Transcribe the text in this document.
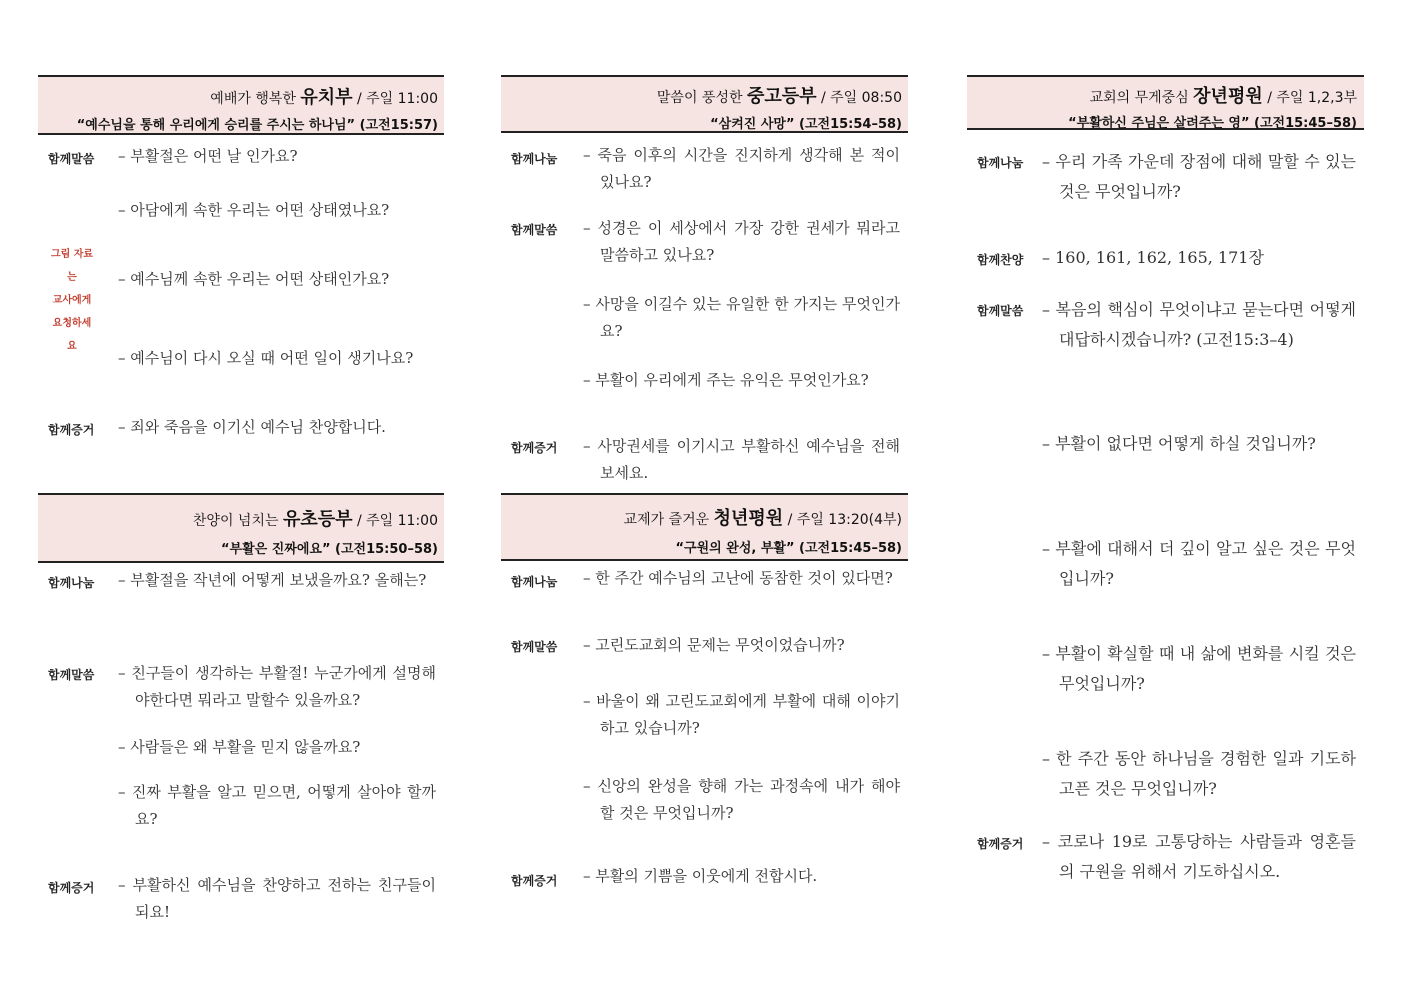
예배가 행복한 유치부 / 주일 11:00
“예수님을 통해 우리에게 승리를 주시는 하나님” (고전15:57)
함께말씀
그림 자료는
교사에게
요청하세요
– 부활절은 어떤 날 인가요?
– 아담에게 속한 우리는 어떤 상태였나요?
– 예수님께 속한 우리는 어떤 상태인가요?
– 예수님이 다시 오실 때 어떤 일이 생기나요?
함께증거 – 죄와 죽음을 이기신 예수님 찬양합니다.
찬양이 넘치는 유초등부 / 주일 11:00
“부활은 진짜에요” (고전15:50–58)
함께나눔 – 부활절을 작년에 어떻게 보냈을까요? 올해는?
함께말씀 – 친구들이 생각하는 부활절! 누군가에게 설명해야한다면 뭐라고 말할수 있을까요?
– 사람들은 왜 부활을 믿지 않을까요?
– 진짜 부활을 알고 믿으면, 어떻게 살아야 할까요?
함께증거 – 부활하신 예수님을 찬양하고 전하는 친구들이 되요!
말씀이 풍성한 중고등부 / 주일 08:50
“삼켜진 사망” (고전15:54–58)
함께나눔 – 죽음 이후의 시간을 진지하게 생각해 본 적이 있나요?
함께말씀 – 성경은 이 세상에서 가장 강한 권세가 뭐라고 말씀하고 있나요?
– 사망을 이길수 있는 유일한 한 가지는 무엇인가요?
– 부활이 우리에게 주는 유익은 무엇인가요?
함께증거 – 사망권세를 이기시고 부활하신 예수님을 전해보세요.
교제가 즐거운 청년평원 / 주일 13:20(4부)
“구원의 완성, 부활” (고전15:45–58)
함께나눔 – 한 주간 예수님의 고난에 동참한 것이 있다면?
함께말씀 – 고린도교회의 문제는 무엇이었습니까?
– 바울이 왜 고린도교회에게 부활에 대해 이야기하고 있습니까?
– 신앙의 완성을 향해 가는 과정속에 내가 해야 할 것은 무엇입니까?
함께증거 – 부활의 기쁨을 이웃에게 전합시다.
교회의 무게중심 장년평원 / 주일 1,2,3부
“부활하신 주님은 살려주는 영” (고전15:45–58)
함께나눔 – 우리 가족 가운데 장점에 대해 말할 수 있는 것은 무엇입니까?
함께찬양 – 160, 161, 162, 165, 171장
함께말씀 – 복음의 핵심이 무엇이냐고 묻는다면 어떻게 대답하시겠습니까? (고전15:3–4)
– 부활이 없다면 어떻게 하실 것입니까?
– 부활에 대해서 더 깊이 알고 싶은 것은 무엇입니까?
– 부활이 확실할 때 내 삶에 변화를 시킬 것은 무엇입니까?
– 한 주간 동안 하나님을 경험한 일과 기도하고픈 것은 무엇입니까?
함께증거 – 코로나 19로 고통당하는 사람들과 영혼들의 구원을 위해서 기도하십시오.
